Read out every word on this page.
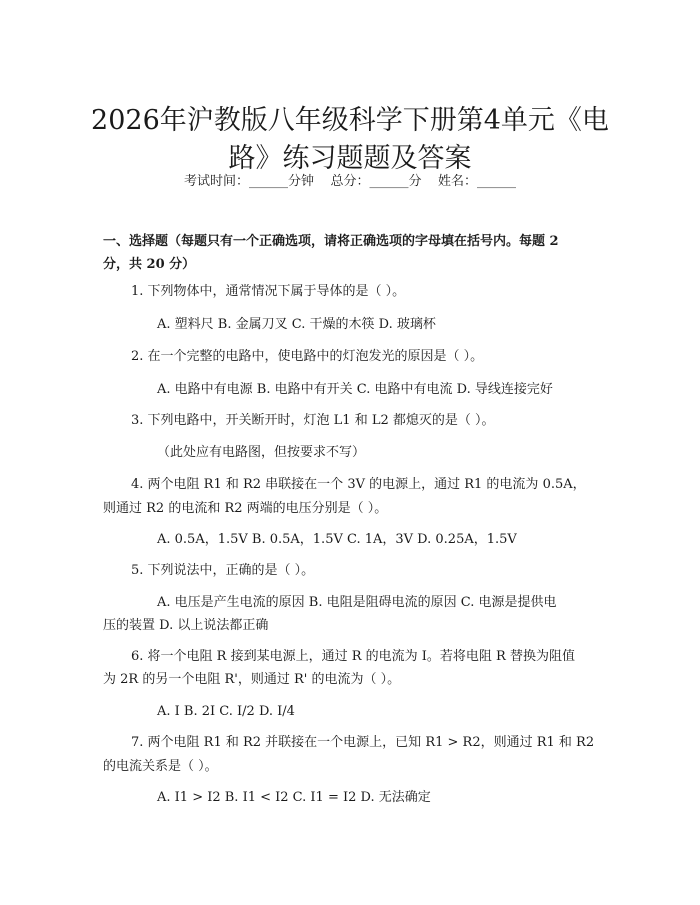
2026年沪教版八年级科学下册第4单元《电
路》练习题题及答案
考试时间：______分钟    总分：______分    姓名：______
一、选择题（每题只有一个正确选项，请将正确选项的字母填在括号内。每题 2
分，共 20 分）
1. 下列物体中，通常情况下属于导体的是（ ）。
A. 塑料尺 B. 金属刀叉 C. 干燥的木筷 D. 玻璃杯
2. 在一个完整的电路中，使电路中的灯泡发光的原因是（ ）。
A. 电路中有电源 B. 电路中有开关 C. 电路中有电流 D. 导线连接完好
3. 下列电路中，开关断开时，灯泡 L1 和 L2 都熄灭的是（ ）。
（此处应有电路图，但按要求不写）
4. 两个电阻 R1 和 R2 串联接在一个 3V 的电源上，通过 R1 的电流为 0.5A，
则通过 R2 的电流和 R2 两端的电压分别是（ ）。
A. 0.5A，1.5V B. 0.5A，1.5V C. 1A，3V D. 0.25A，1.5V
5. 下列说法中，正确的是（ ）。
A. 电压是产生电流的原因 B. 电阻是阻碍电流的原因 C. 电源是提供电
压的装置 D. 以上说法都正确
6. 将一个电阻 R 接到某电源上，通过 R 的电流为 I。若将电阻 R 替换为阻值
为 2R 的另一个电阻 R'，则通过 R' 的电流为（ ）。
A. I B. 2I C. I/2 D. I/4
7. 两个电阻 R1 和 R2 并联接在一个电源上，已知 R1 > R2，则通过 R1 和 R2
的电流关系是（ ）。
A. I1 > I2 B. I1 < I2 C. I1 = I2 D. 无法确定
